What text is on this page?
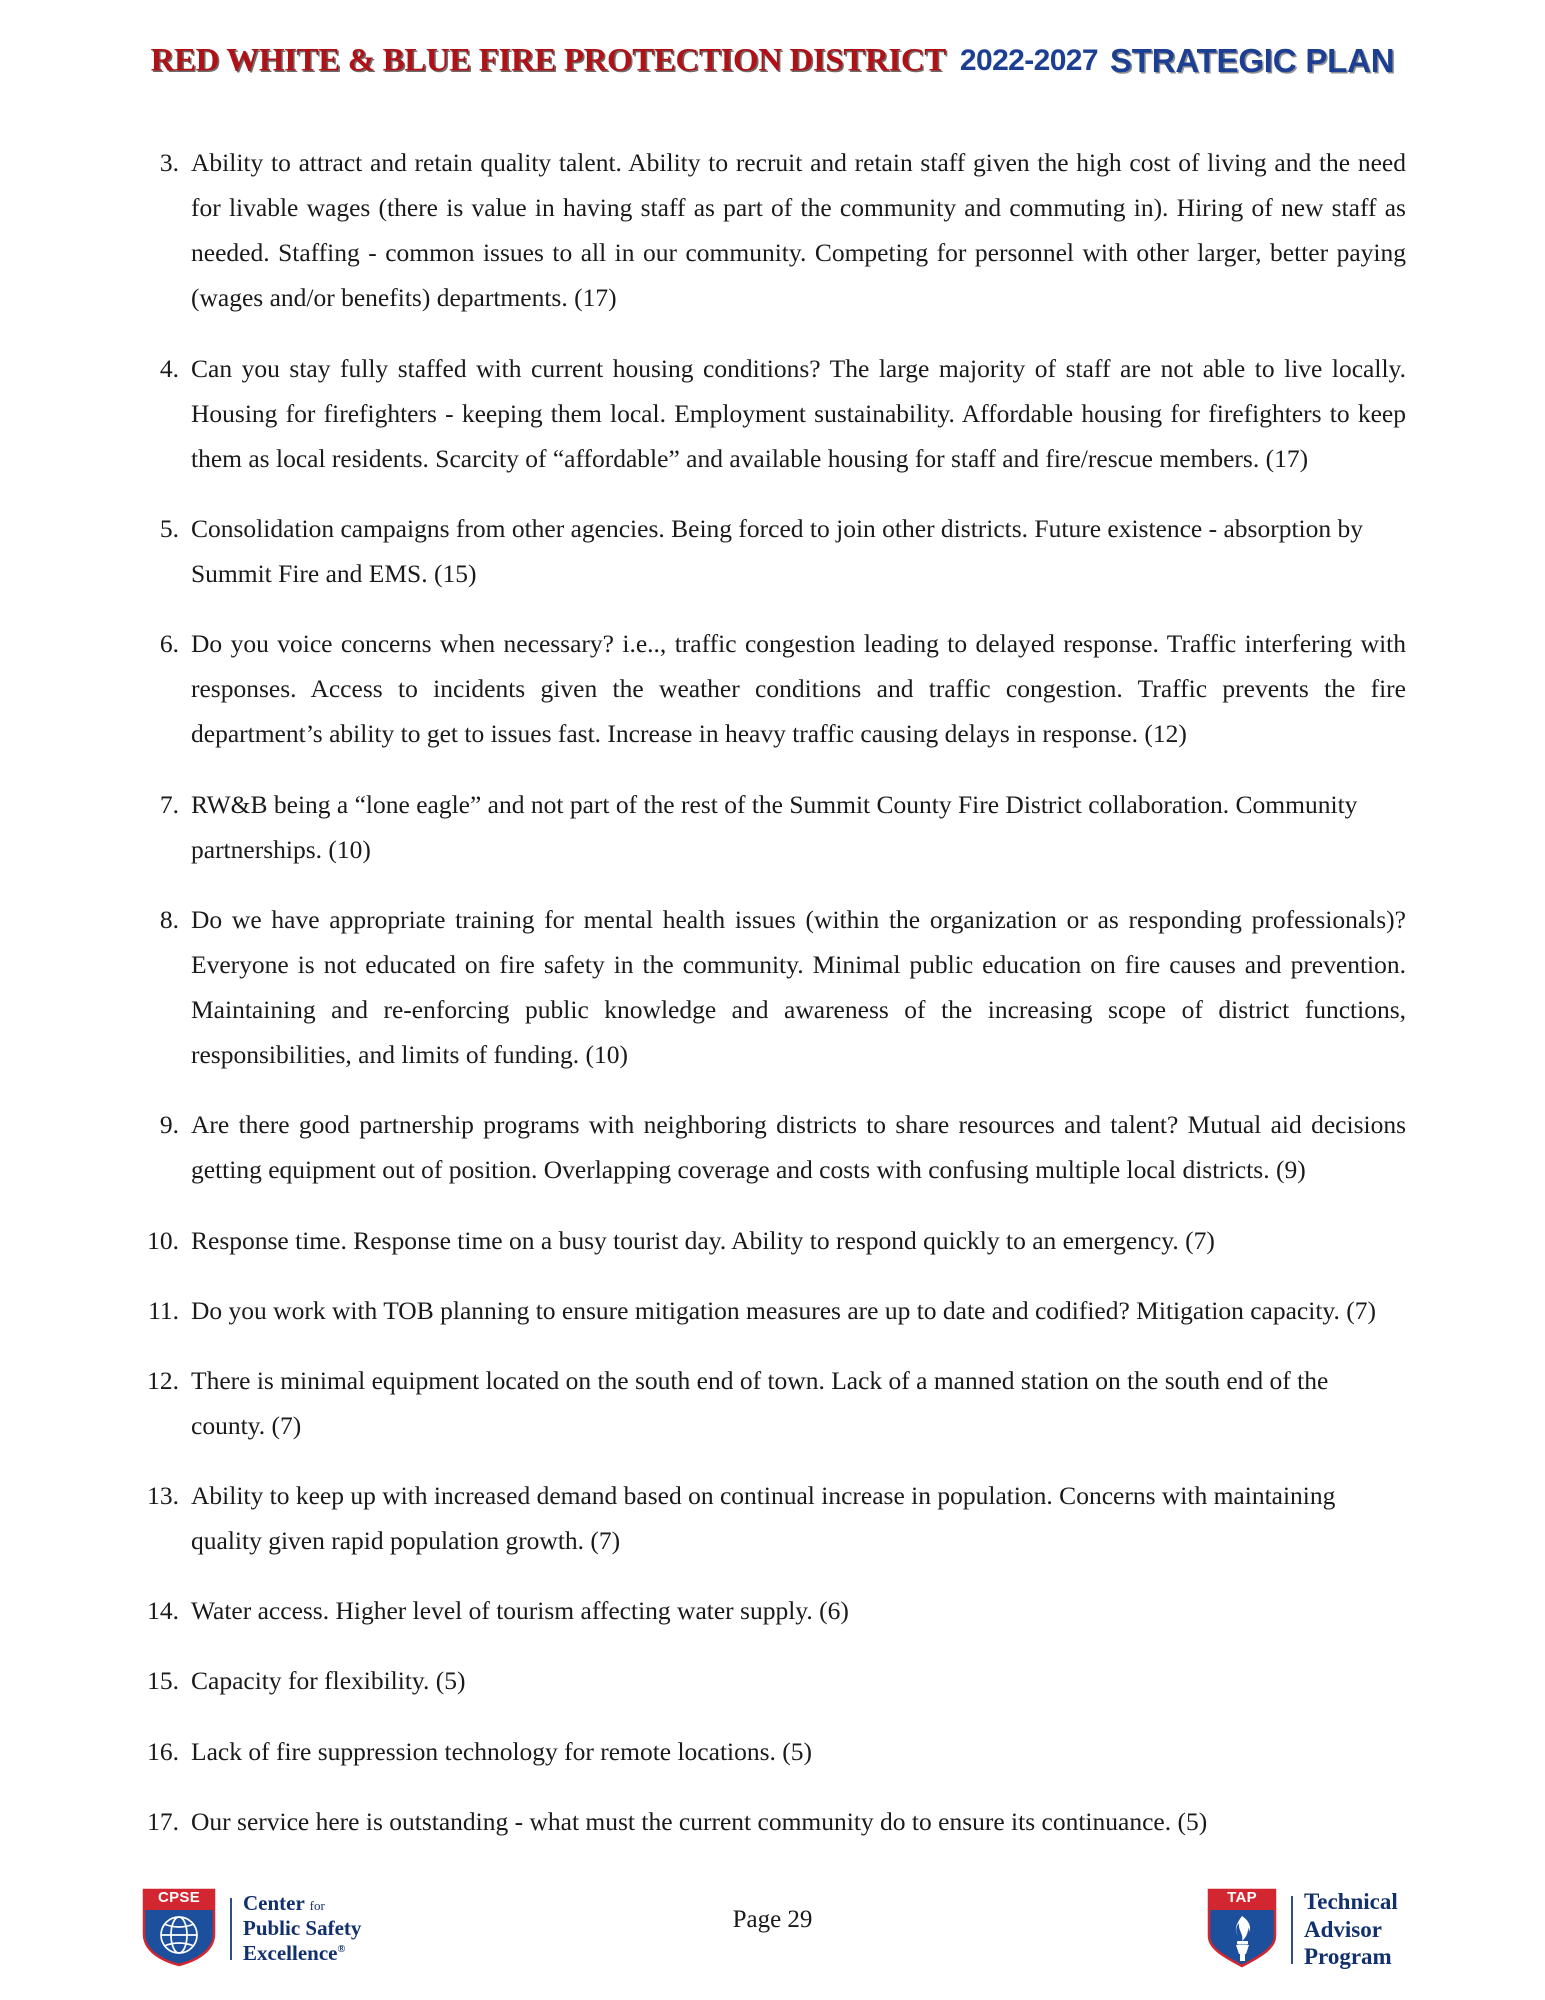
RED WHITE & BLUE FIRE PROTECTION DISTRICT 2022-2027 STRATEGIC PLAN
3. Ability to attract and retain quality talent. Ability to recruit and retain staff given the high cost of living and the need for livable wages (there is value in having staff as part of the community and commuting in). Hiring of new staff as needed. Staffing - common issues to all in our community. Competing for personnel with other larger, better paying (wages and/or benefits) departments. (17)
4. Can you stay fully staffed with current housing conditions? The large majority of staff are not able to live locally. Housing for firefighters - keeping them local. Employment sustainability. Affordable housing for firefighters to keep them as local residents. Scarcity of “affordable” and available housing for staff and fire/rescue members. (17)
5. Consolidation campaigns from other agencies. Being forced to join other districts. Future existence - absorption by Summit Fire and EMS. (15)
6. Do you voice concerns when necessary? i.e.., traffic congestion leading to delayed response. Traffic interfering with responses. Access to incidents given the weather conditions and traffic congestion. Traffic prevents the fire department’s ability to get to issues fast. Increase in heavy traffic causing delays in response. (12)
7. RW&B being a “lone eagle” and not part of the rest of the Summit County Fire District collaboration. Community partnerships. (10)
8. Do we have appropriate training for mental health issues (within the organization or as responding professionals)? Everyone is not educated on fire safety in the community. Minimal public education on fire causes and prevention. Maintaining and re-enforcing public knowledge and awareness of the increasing scope of district functions, responsibilities, and limits of funding. (10)
9. Are there good partnership programs with neighboring districts to share resources and talent? Mutual aid decisions getting equipment out of position. Overlapping coverage and costs with confusing multiple local districts. (9)
10. Response time. Response time on a busy tourist day. Ability to respond quickly to an emergency. (7)
11. Do you work with TOB planning to ensure mitigation measures are up to date and codified? Mitigation capacity. (7)
12. There is minimal equipment located on the south end of town. Lack of a manned station on the south end of the county. (7)
13. Ability to keep up with increased demand based on continual increase in population. Concerns with maintaining quality given rapid population growth. (7)
14. Water access. Higher level of tourism affecting water supply. (6)
15. Capacity for flexibility. (5)
16. Lack of fire suppression technology for remote locations. (5)
17. Our service here is outstanding - what must the current community do to ensure its continuance. (5)
CPSE	Center for
Public Safety
Excellence®
Page 29
TAP	Technical
Advisor
Program
